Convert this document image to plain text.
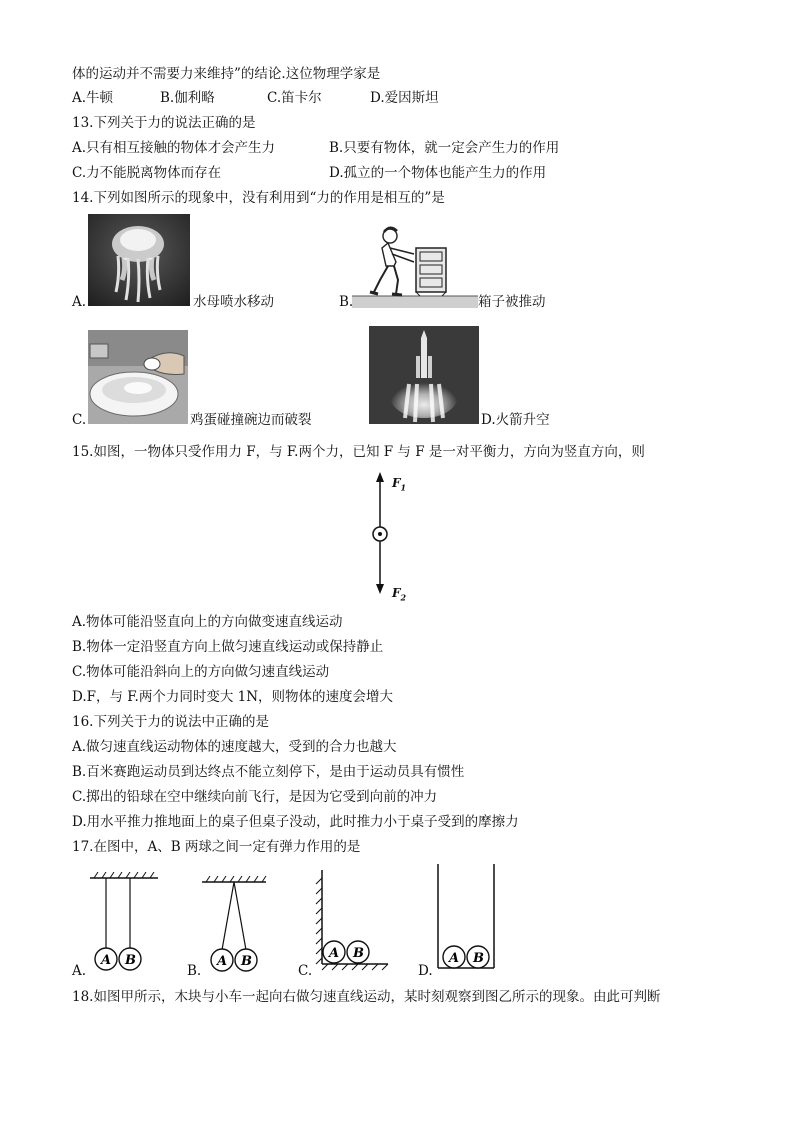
体的运动并不需要力来维持”的结论.这位物理学家是
A.牛顿	B.伽利略	C.笛卡尔	D.爱因斯坦
13.下列关于力的说法正确的是
A.只有相互接触的物体才会产生力	B.只要有物体，就一定会产生力的作用
C.力不能脱离物体而存在	D.孤立的一个物体也能产生力的作用
14.下列如图所示的现象中，没有利用到“力的作用是相互的”是
A.	水母喷水移动	B.	箱子被推动
C.	鸡蛋碰撞碗边而破裂	D.火箭升空
15.如图，一物体只受作用力 F，与 F.两个力，已知 F 与 F 是一对平衡力，方向为竖直方向，则
$F_1$
$F_2$
A.物体可能沿竖直向上的方向做变速直线运动
B.物体一定沿竖直方向上做匀速直线运动或保持静止
C.物体可能沿斜向上的方向做匀速直线运动
D.F，与 F.两个力同时变大 1N，则物体的速度会增大
16.下列关于力的说法中正确的是
A.做匀速直线运动物体的速度越大，受到的合力也越大
B.百米赛跑运动员到达终点不能立刻停下，是由于运动员具有惯性
C.掷出的铅球在空中继续向前飞行，是因为它受到向前的冲力
D.用水平推力推地面上的桌子但桌子没动，此时推力小于桌子受到的摩擦力
17.在图中，A、B 两球之间一定有弹力作用的是
A B
A.
A B
B.
A B
C.
A B
D.
18.如图甲所示，木块与小车一起向右做匀速直线运动，某时刻观察到图乙所示的现象。由此可判断
